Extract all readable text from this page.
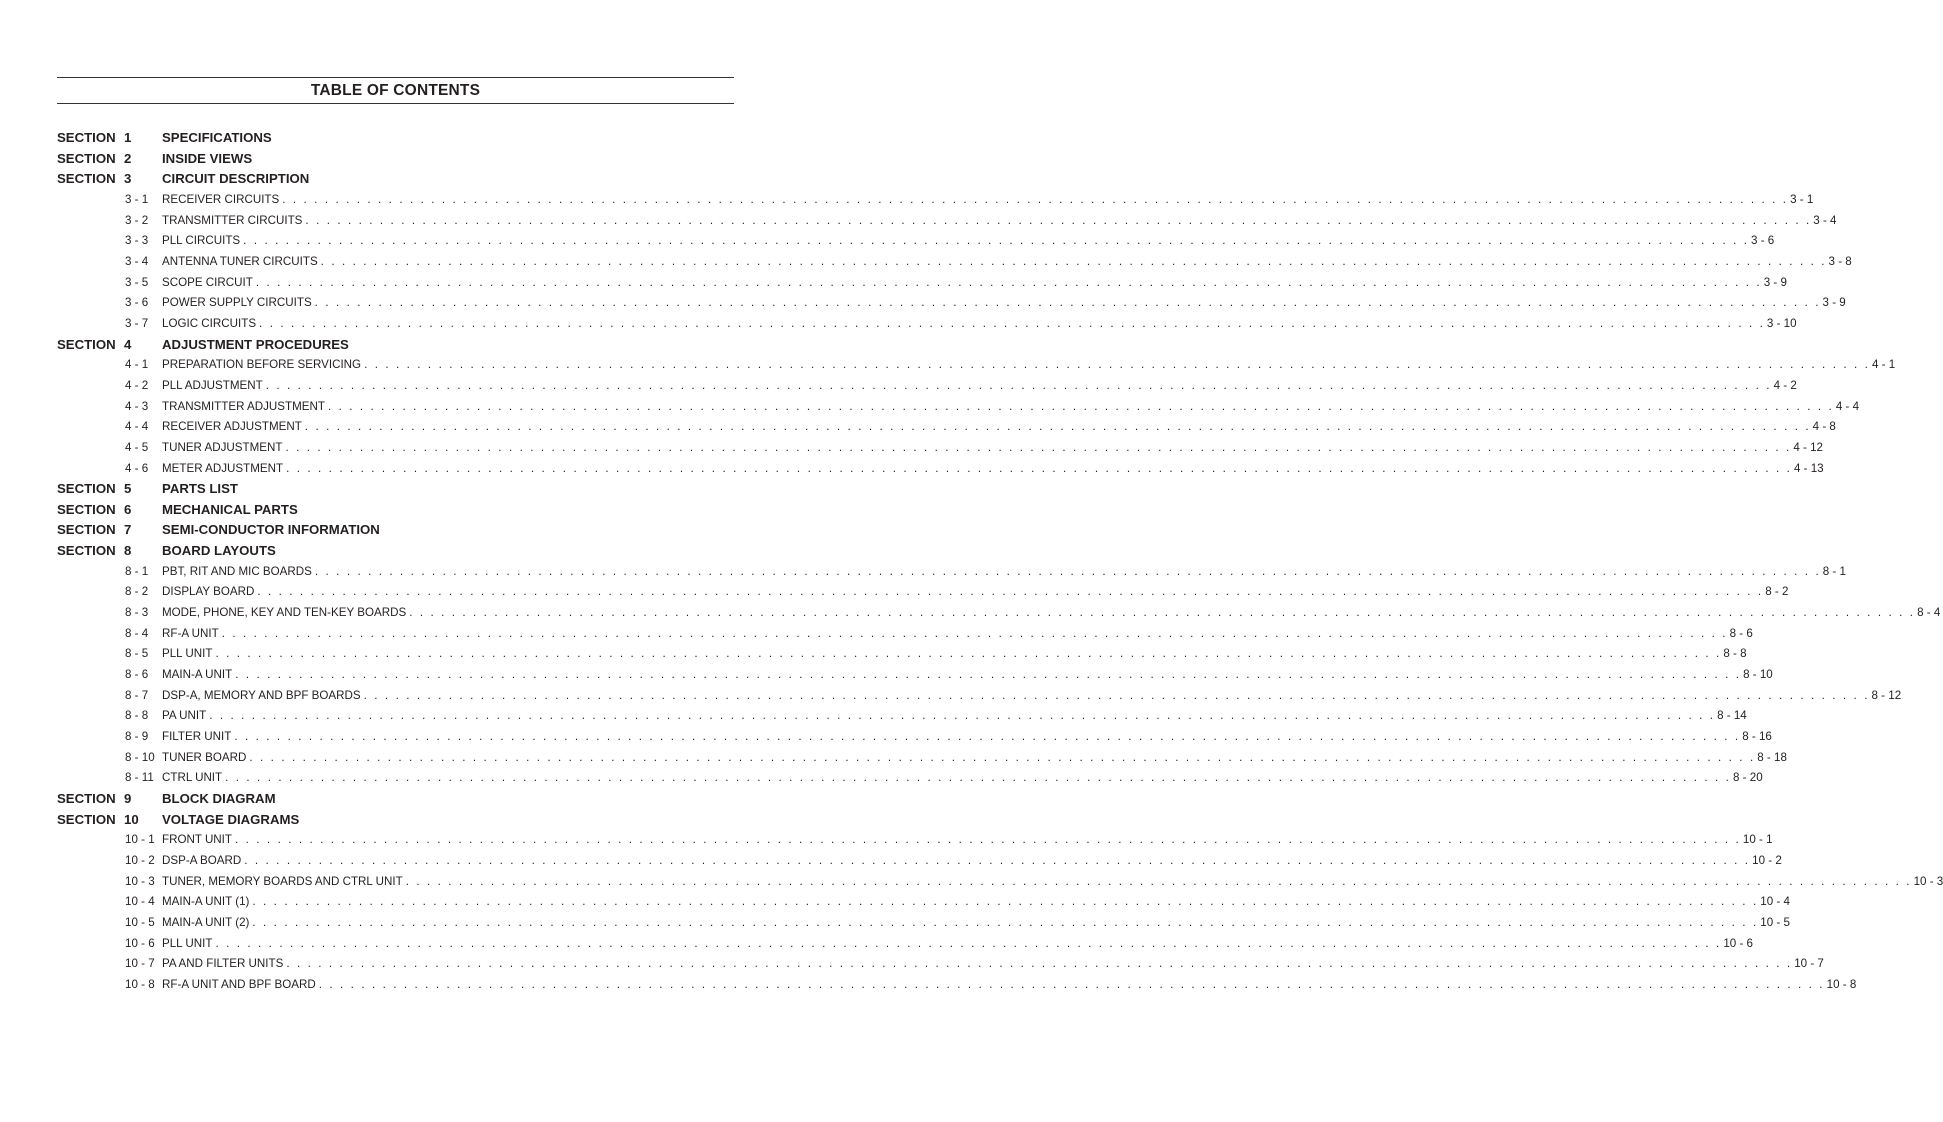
TABLE OF CONTENTS
SECTION 1 SPECIFICATIONS
SECTION 2 INSIDE VIEWS
SECTION 3 CIRCUIT DESCRIPTION
3 - 1 RECEIVER CIRCUITS . . . . . . . . . . . . . . . . . . . . . . . . . . . . . . . . . . . . . . . . . . . . . . . . . . . . . . . . . . . . . . . . . . . . . . . . . . . . . . . . . . . . . . . . . . . . . . . . . . . . . . . . . . . . . . . . . . . . . . . . . . . . . . . . . . . . . . . . . . . . . . 3 - 1
3 - 2 TRANSMITTER CIRCUITS . . . . . . . . . . . . . . . . . . . . . . . . . . . . . . . . . . . . . . . . . . . . . . . . . . . . . . . . . . . . . . . . . . . . . . . . . . . . . . . . . . . . . . . . . . . . . . . . . . . . . . . . . . . . . . . . . . . . . . . . . . . . . . . . . . . . . . . . . . . . . . 3 - 4
3 - 3 PLL CIRCUITS . . . . . . . . . . . . . . . . . . . . . . . . . . . . . . . . . . . . . . . . . . . . . . . . . . . . . . . . . . . . . . . . . . . . . . . . . . . . . . . . . . . . . . . . . . . . . . . . . . . . . . . . . . . . . . . . . . . . . . . . . . . . . . . . . . . . . . . . . . . . . . 3 - 6
3 - 4 ANTENNA TUNER CIRCUITS . . . . . . . . . . . . . . . . . . . . . . . . . . . . . . . . . . . . . . . . . . . . . . . . . . . . . . . . . . . . . . . . . . . . . . . . . . . . . . . . . . . . . . . . . . . . . . . . . . . . . . . . . . . . . . . . . . . . . . . . . . . . . . . . . . . . . . . . . . . . . . 3 - 8
3 - 5 SCOPE CIRCUIT . . . . . . . . . . . . . . . . . . . . . . . . . . . . . . . . . . . . . . . . . . . . . . . . . . . . . . . . . . . . . . . . . . . . . . . . . . . . . . . . . . . . . . . . . . . . . . . . . . . . . . . . . . . . . . . . . . . . . . . . . . . . . . . . . . . . . . . . . . . . . . 3 - 9
3 - 6 POWER SUPPLY CIRCUITS . . . . . . . . . . . . . . . . . . . . . . . . . . . . . . . . . . . . . . . . . . . . . . . . . . . . . . . . . . . . . . . . . . . . . . . . . . . . . . . . . . . . . . . . . . . . . . . . . . . . . . . . . . . . . . . . . . . . . . . . . . . . . . . . . . . . . . . . . . . . . . 3 - 9
3 - 7 LOGIC CIRCUITS . . . . . . . . . . . . . . . . . . . . . . . . . . . . . . . . . . . . . . . . . . . . . . . . . . . . . . . . . . . . . . . . . . . . . . . . . . . . . . . . . . . . . . . . . . . . . . . . . . . . . . . . . . . . . . . . . . . . . . . . . . . . . . . . . . . . . . . . . . . . . . 3 - 10
SECTION 4 ADJUSTMENT PROCEDURES
4 - 1 PREPARATION BEFORE SERVICING . . . . . . . . . . . . . . . . . . . . . . . . . . . . . . . . . . . . . . . . . . . . . . . . . . . . . . . . . . . . . . . . . . . . . . . . . . . . . . . . . . . . . . . . . . . . . . . . . . . . . . . . . . . . . . . . . . . . . . . . . . . . . . . . . . . . . . . . . . . . . . 4 - 1
4 - 2 PLL ADJUSTMENT . . . . . . . . . . . . . . . . . . . . . . . . . . . . . . . . . . . . . . . . . . . . . . . . . . . . . . . . . . . . . . . . . . . . . . . . . . . . . . . . . . . . . . . . . . . . . . . . . . . . . . . . . . . . . . . . . . . . . . . . . . . . . . . . . . . . . . . . . . . . . . 4 - 2
4 - 3 TRANSMITTER ADJUSTMENT . . . . . . . . . . . . . . . . . . . . . . . . . . . . . . . . . . . . . . . . . . . . . . . . . . . . . . . . . . . . . . . . . . . . . . . . . . . . . . . . . . . . . . . . . . . . . . . . . . . . . . . . . . . . . . . . . . . . . . . . . . . . . . . . . . . . . . . . . . . . . . 4 - 4
4 - 4 RECEIVER ADJUSTMENT . . . . . . . . . . . . . . . . . . . . . . . . . . . . . . . . . . . . . . . . . . . . . . . . . . . . . . . . . . . . . . . . . . . . . . . . . . . . . . . . . . . . . . . . . . . . . . . . . . . . . . . . . . . . . . . . . . . . . . . . . . . . . . . . . . . . . . . . . . . . . . 4 - 8
4 - 5 TUNER ADJUSTMENT . . . . . . . . . . . . . . . . . . . . . . . . . . . . . . . . . . . . . . . . . . . . . . . . . . . . . . . . . . . . . . . . . . . . . . . . . . . . . . . . . . . . . . . . . . . . . . . . . . . . . . . . . . . . . . . . . . . . . . . . . . . . . . . . . . . . . . . . . . . . . . 4 - 12
4 - 6 METER ADJUSTMENT . . . . . . . . . . . . . . . . . . . . . . . . . . . . . . . . . . . . . . . . . . . . . . . . . . . . . . . . . . . . . . . . . . . . . . . . . . . . . . . . . . . . . . . . . . . . . . . . . . . . . . . . . . . . . . . . . . . . . . . . . . . . . . . . . . . . . . . . . . . . . . 4 - 13
SECTION 5 PARTS LIST
SECTION 6 MECHANICAL PARTS
SECTION 7 SEMI-CONDUCTOR INFORMATION
SECTION 8 BOARD LAYOUTS
8 - 1 PBT, RIT AND MIC BOARDS . . . . . . . . . . . . . . . . . . . . . . . . . . . . . . . . . . . . . . . . . . . . . . . . . . . . . . . . . . . . . . . . . . . . . . . . . . . . . . . . . . . . . . . . . . . . . . . . . . . . . . . . . . . . . . . . . . . . . . . . . . . . . . . . . . . . . . . . . . . . . . 8 - 1
8 - 2 DISPLAY BOARD . . . . . . . . . . . . . . . . . . . . . . . . . . . . . . . . . . . . . . . . . . . . . . . . . . . . . . . . . . . . . . . . . . . . . . . . . . . . . . . . . . . . . . . . . . . . . . . . . . . . . . . . . . . . . . . . . . . . . . . . . . . . . . . . . . . . . . . . . . . . . . 8 - 2
8 - 3 MODE, PHONE, KEY AND TEN-KEY BOARDS . . . . . . . . . . . . . . . . . . . . . . . . . . . . . . . . . . . . . . . . . . . . . . . . . . . . . . . . . . . . . . . . . . . . . . . . . . . . . . . . . . . . . . . . . . . . . . . . . . . . . . . . . . . . . . . . . . . . . . . . . . . . . . . . . . . . . . . . . . . . . . 8 - 4
8 - 4 RF-A UNIT . . . . . . . . . . . . . . . . . . . . . . . . . . . . . . . . . . . . . . . . . . . . . . . . . . . . . . . . . . . . . . . . . . . . . . . . . . . . . . . . . . . . . . . . . . . . . . . . . . . . . . . . . . . . . . . . . . . . . . . . . . . . . . . . . . . . . . . . . . . . . . 8 - 6
8 - 5 PLL UNIT . . . . . . . . . . . . . . . . . . . . . . . . . . . . . . . . . . . . . . . . . . . . . . . . . . . . . . . . . . . . . . . . . . . . . . . . . . . . . . . . . . . . . . . . . . . . . . . . . . . . . . . . . . . . . . . . . . . . . . . . . . . . . . . . . . . . . . . . . . . . . . 8 - 8
8 - 6 MAIN-A UNIT . . . . . . . . . . . . . . . . . . . . . . . . . . . . . . . . . . . . . . . . . . . . . . . . . . . . . . . . . . . . . . . . . . . . . . . . . . . . . . . . . . . . . . . . . . . . . . . . . . . . . . . . . . . . . . . . . . . . . . . . . . . . . . . . . . . . . . . . . . . . . . 8 - 10
8 - 7 DSP-A, MEMORY AND BPF BOARDS . . . . . . . . . . . . . . . . . . . . . . . . . . . . . . . . . . . . . . . . . . . . . . . . . . . . . . . . . . . . . . . . . . . . . . . . . . . . . . . . . . . . . . . . . . . . . . . . . . . . . . . . . . . . . . . . . . . . . . . . . . . . . . . . . . . . . . . . . . . . . . 8 - 12
8 - 8 PA UNIT . . . . . . . . . . . . . . . . . . . . . . . . . . . . . . . . . . . . . . . . . . . . . . . . . . . . . . . . . . . . . . . . . . . . . . . . . . . . . . . . . . . . . . . . . . . . . . . . . . . . . . . . . . . . . . . . . . . . . . . . . . . . . . . . . . . . . . . . . . . . . . 8 - 14
8 - 9 FILTER UNIT . . . . . . . . . . . . . . . . . . . . . . . . . . . . . . . . . . . . . . . . . . . . . . . . . . . . . . . . . . . . . . . . . . . . . . . . . . . . . . . . . . . . . . . . . . . . . . . . . . . . . . . . . . . . . . . . . . . . . . . . . . . . . . . . . . . . . . . . . . . . . . 8 - 16
8 - 10 TUNER BOARD . . . . . . . . . . . . . . . . . . . . . . . . . . . . . . . . . . . . . . . . . . . . . . . . . . . . . . . . . . . . . . . . . . . . . . . . . . . . . . . . . . . . . . . . . . . . . . . . . . . . . . . . . . . . . . . . . . . . . . . . . . . . . . . . . . . . . . . . . . . . . . 8 - 18
8 - 11 CTRL UNIT . . . . . . . . . . . . . . . . . . . . . . . . . . . . . . . . . . . . . . . . . . . . . . . . . . . . . . . . . . . . . . . . . . . . . . . . . . . . . . . . . . . . . . . . . . . . . . . . . . . . . . . . . . . . . . . . . . . . . . . . . . . . . . . . . . . . . . . . . . . . . . 8 - 20
SECTION 9 BLOCK DIAGRAM
SECTION 10 VOLTAGE DIAGRAMS
10 - 1 FRONT UNIT . . . . . . . . . . . . . . . . . . . . . . . . . . . . . . . . . . . . . . . . . . . . . . . . . . . . . . . . . . . . . . . . . . . . . . . . . . . . . . . . . . . . . . . . . . . . . . . . . . . . . . . . . . . . . . . . . . . . . . . . . . . . . . . . . . . . . . . . . . . . . . 10 - 1
10 - 2 DSP-A BOARD . . . . . . . . . . . . . . . . . . . . . . . . . . . . . . . . . . . . . . . . . . . . . . . . . . . . . . . . . . . . . . . . . . . . . . . . . . . . . . . . . . . . . . . . . . . . . . . . . . . . . . . . . . . . . . . . . . . . . . . . . . . . . . . . . . . . . . . . . . . . . . 10 - 2
10 - 3 TUNER, MEMORY BOARDS AND CTRL UNIT . . . . . . . . . . . . . . . . . . . . . . . . . . . . . . . . . . . . . . . . . . . . . . . . . . . . . . . . . . . . . . . . . . . . . . . . . . . . . . . . . . . . . . . . . . . . . . . . . . . . . . . . . . . . . . . . . . . . . . . . . . . . . . . . . . . . . . . . . . . . . . 10 - 3
10 - 4 MAIN-A UNIT (1) . . . . . . . . . . . . . . . . . . . . . . . . . . . . . . . . . . . . . . . . . . . . . . . . . . . . . . . . . . . . . . . . . . . . . . . . . . . . . . . . . . . . . . . . . . . . . . . . . . . . . . . . . . . . . . . . . . . . . . . . . . . . . . . . . . . . . . . . . . . . . . 10 - 4
10 - 5 MAIN-A UNIT (2) . . . . . . . . . . . . . . . . . . . . . . . . . . . . . . . . . . . . . . . . . . . . . . . . . . . . . . . . . . . . . . . . . . . . . . . . . . . . . . . . . . . . . . . . . . . . . . . . . . . . . . . . . . . . . . . . . . . . . . . . . . . . . . . . . . . . . . . . . . . . . . 10 - 5
10 - 6 PLL UNIT . . . . . . . . . . . . . . . . . . . . . . . . . . . . . . . . . . . . . . . . . . . . . . . . . . . . . . . . . . . . . . . . . . . . . . . . . . . . . . . . . . . . . . . . . . . . . . . . . . . . . . . . . . . . . . . . . . . . . . . . . . . . . . . . . . . . . . . . . . . . . . 10 - 6
10 - 7 PA AND FILTER UNITS . . . . . . . . . . . . . . . . . . . . . . . . . . . . . . . . . . . . . . . . . . . . . . . . . . . . . . . . . . . . . . . . . . . . . . . . . . . . . . . . . . . . . . . . . . . . . . . . . . . . . . . . . . . . . . . . . . . . . . . . . . . . . . . . . . . . . . . . . . . . . . 10 - 7
10 - 8 RF-A UNIT AND BPF BOARD . . . . . . . . . . . . . . . . . . . . . . . . . . . . . . . . . . . . . . . . . . . . . . . . . . . . . . . . . . . . . . . . . . . . . . . . . . . . . . . . . . . . . . . . . . . . . . . . . . . . . . . . . . . . . . . . . . . . . . . . . . . . . . . . . . . . . . . . . . . . . . 10 - 8
